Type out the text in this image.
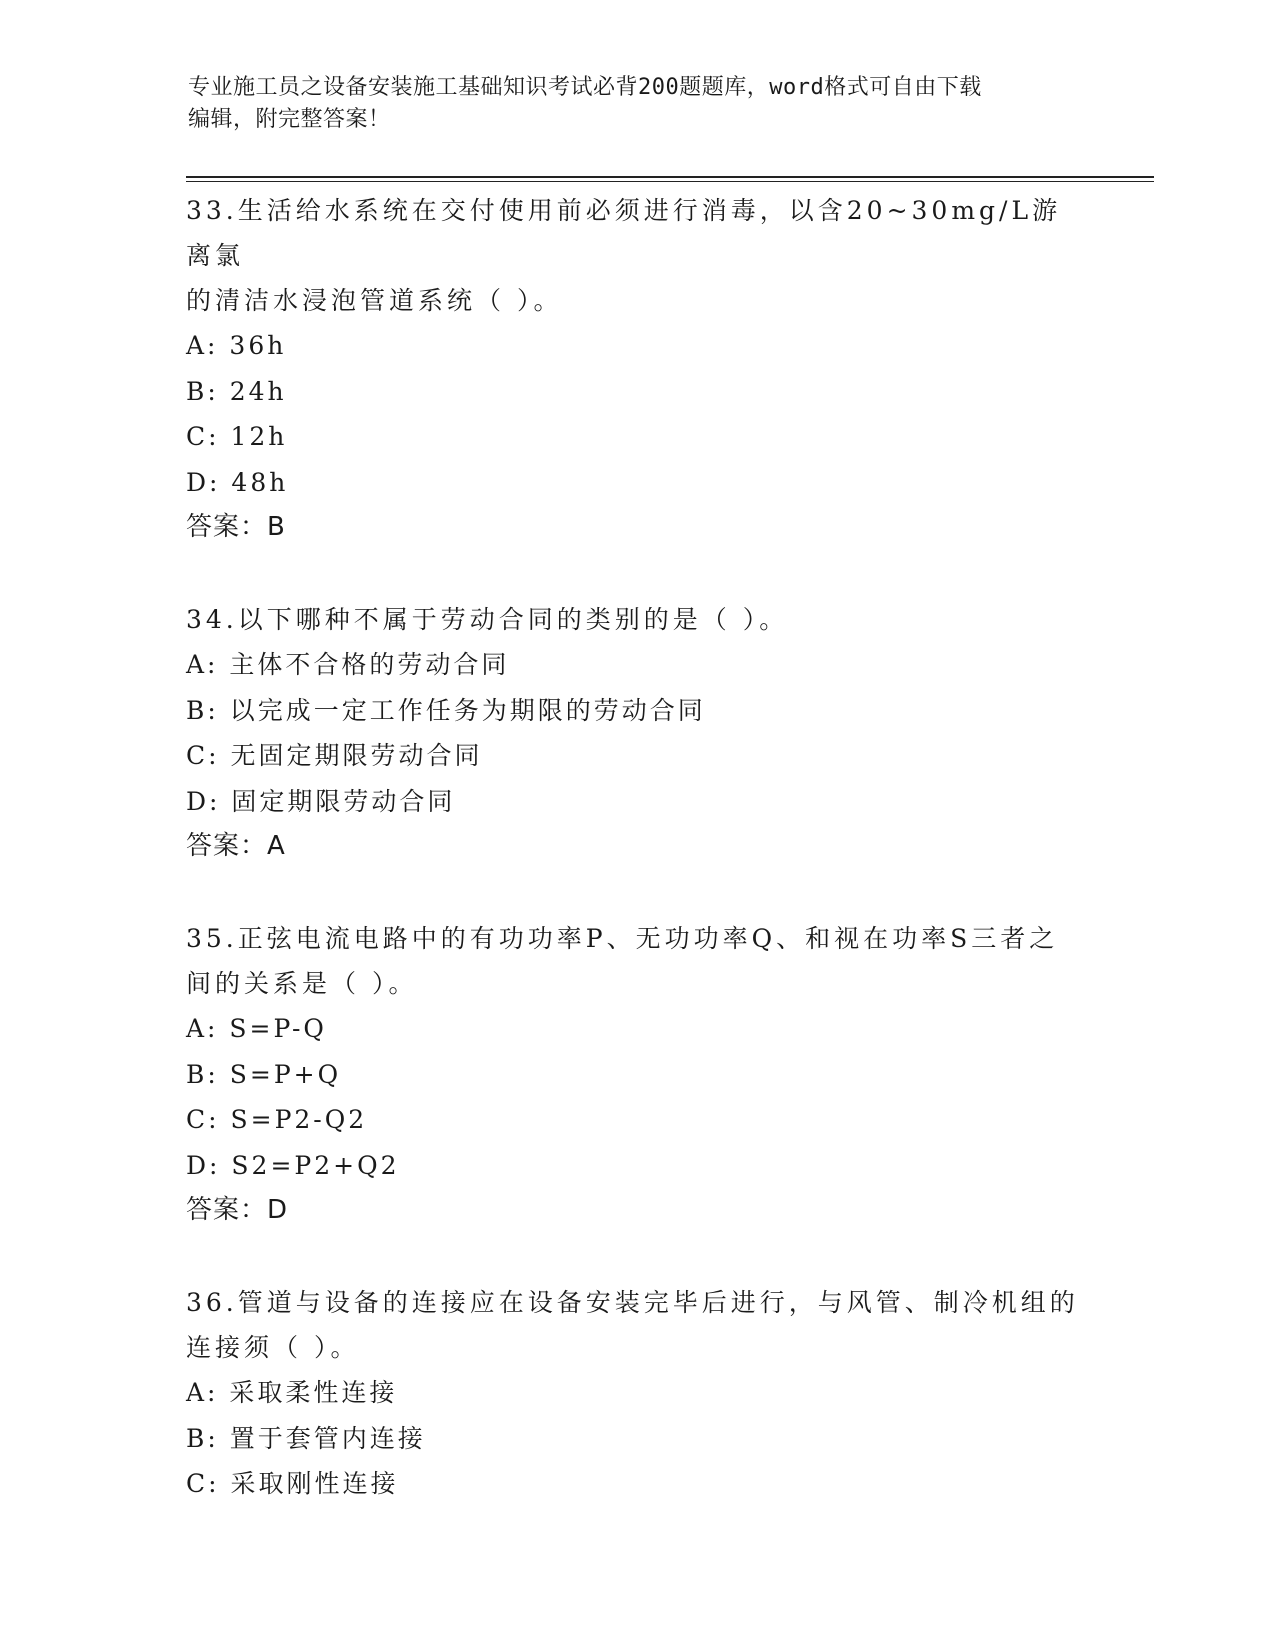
专业施工员之设备安装施工基础知识考试必背200题题库，word格式可自由下载
编辑，附完整答案！
33.生活给水系统在交付使用前必须进行消毒，以含20~30mg/L游离氯
的清洁水浸泡管道系统（ ）。
A: 36h
B: 24h
C: 12h
D: 48h
答案：B
34.以下哪种不属于劳动合同的类别的是（ ）。
A: 主体不合格的劳动合同
B: 以完成一定工作任务为期限的劳动合同
C: 无固定期限劳动合同
D: 固定期限劳动合同
答案：A
35.正弦电流电路中的有功功率P、无功功率Q、和视在功率S三者之
间的关系是（ ）。
A: S=P-Q
B: S=P+Q
C: S=P2-Q2
D: S2=P2+Q2
答案：D
36.管道与设备的连接应在设备安装完毕后进行，与风管、制冷机组的
连接须（ ）。
A: 采取柔性连接
B: 置于套管内连接
C: 采取刚性连接
